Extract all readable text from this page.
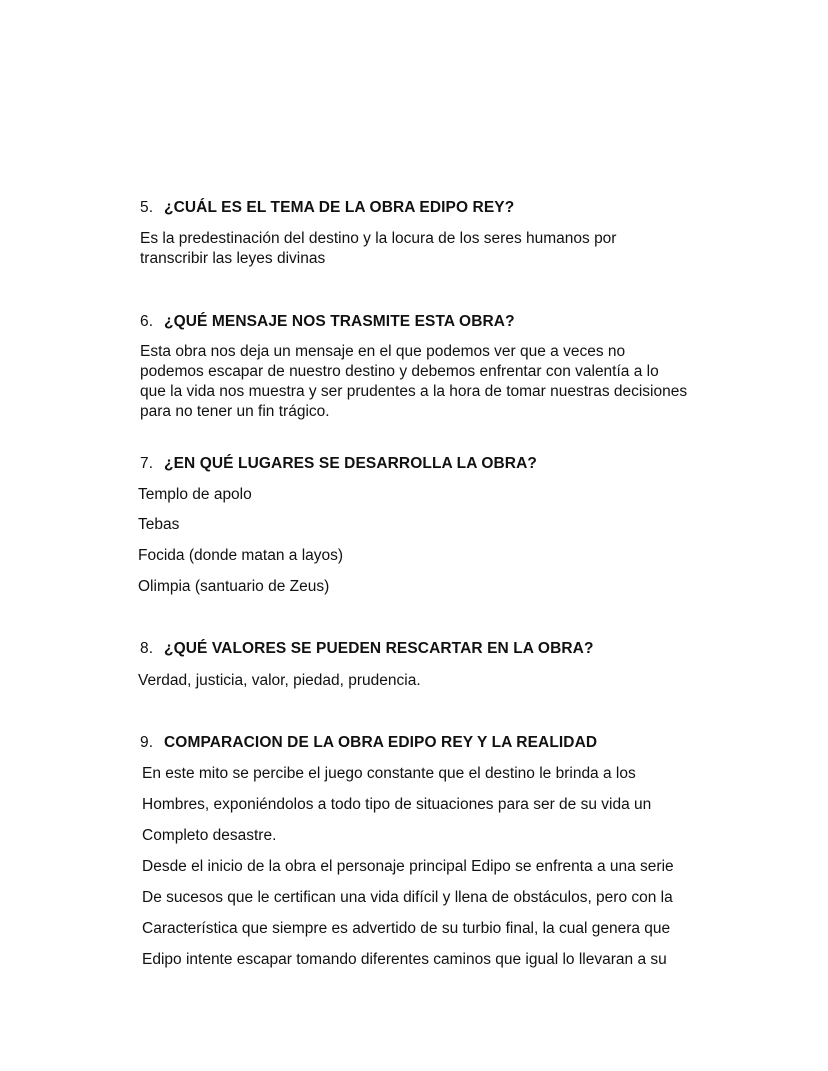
5. ¿CUÁL ES EL TEMA DE LA OBRA EDIPO REY?
Es la predestinación del destino y la locura de los seres humanos por
transcribir las leyes divinas
6. ¿QUÉ MENSAJE NOS TRASMITE ESTA OBRA?
Esta obra nos deja un mensaje en el que podemos ver que a veces no
podemos escapar de nuestro destino y debemos enfrentar con valentía a lo
que la vida nos muestra y ser prudentes a la hora de tomar nuestras decisiones
para no tener un fin trágico.
7. ¿EN QUÉ LUGARES SE DESARROLLA LA OBRA?
Templo de apolo
Tebas
Focida (donde matan a layos)
Olimpia (santuario de Zeus)
8. ¿QUÉ VALORES SE PUEDEN RESCARTAR EN LA OBRA?
Verdad, justicia, valor, piedad, prudencia.
9. COMPARACION DE LA OBRA EDIPO REY Y LA REALIDAD
En este mito se percibe el juego constante que el destino le brinda a los
Hombres, exponiéndolos a todo tipo de situaciones para ser de su vida un
Completo desastre.
Desde el inicio de la obra el personaje principal Edipo se enfrenta a una serie
De sucesos que le certifican una vida difícil y llena de obstáculos, pero con la
Característica que siempre es advertido de su turbio final, la cual genera que
Edipo intente escapar tomando diferentes caminos que igual lo llevaran a su
